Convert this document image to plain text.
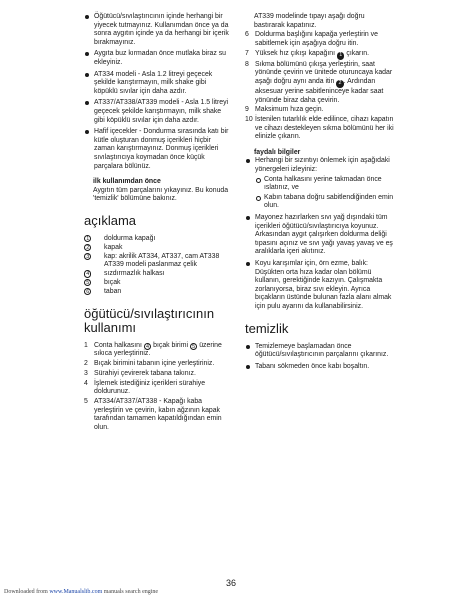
Öğütücü/sıvılaştırıcının içinde herhangi bir yiyecek tutmayınız. Kullanımdan önce ya da sonra aygıtın içinde ya da herhangi bir içerik bırakmayınız.
Aygıta buz kırmadan önce mutlaka biraz su ekleyiniz.
AT334 modeli - Asla 1.2 litreyi geçecek şekilde karıştırmayın, milk shake gibi köpüklü sıvılar için daha azdır.
AT337/AT338/AT339 modeli - Asla 1.5 litreyi geçecek şekilde karıştırmayın, milk shake gibi köpüklü sıvılar için daha azdır.
Hafif içecekler - Dondurma sırasında katı bir kütle oluşturan donmuş içerikleri hiçbir zaman karıştırmayınız. Donmuş içerikleri sıvılaştırıcıya koymadan önce küçük parçalara bölünüz.
ilk kullanımdan önce
Aygıtın tüm parçalarını yıkayınız. Bu konuda 'temizlik' bölümüne bakınız.
açıklama
1	doldurma kapağı
2	kapak
3	kap: akrilik AT334, AT337, cam AT338 AT339 modeli paslanmaz çelik
4	sızdırmazlık halkası
5	bıçak
6	taban
öğütücü/sıvılaştırıcının kullanımı
1 Conta halkasını 4 bıçak birimi 5 üzerine sıkıca yerleştiriniz.
2 Bıçak birimini tabanın içine yerleştiriniz.
3 Sürahiyi çevirerek tabana takınız.
4 İşlemek istediğiniz içerikleri sürahiye doldurunuz.
5 AT334/AT337/AT338 - Kapağı kaba yerleştirin ve çevirin, kabın ağzının kapak tarafından tamamen kapatıldığından emin olun.
AT339 modelinde tıpayı aşağı doğru bastırarak kapatınız.
6 Doldurma başlığını kapağa yerleştirin ve sabitlemek için aşağıya doğru itin.
7 Yüksek hız çıkışı kapağını 1 çıkarın.
8 Sıkma bölümünü çıkışa yerleştirin, saat yönünde çevirin ve ünitede oturuncaya kadar aşağı doğru aynı anda itin 2 . Ardından aksesuar yerine sabitleninceye kadar saat yönünde biraz daha çevirin.
9 Maksimum hıza geçin.
10 İstenilen tutarlılık elde edilince, cihazı kapatın ve cihazı destekleyen sıkma bölümünü her iki elinizle çıkarın.
faydalı bilgiler
Herhangi bir sızıntıyı önlemek için aşağıdaki yönergeleri izleyiniz:
Conta halkasını yerine takmadan önce ıslatınız, ve
Kabın tabana doğru sabitlendiğinden emin olun.
Mayonez hazırlarken sıvı yağ dışındaki tüm içerikleri öğütücü/sıvılaştırıcıya koyunuz. Arkasından aygıt çalışırken doldurma deliği tıpasını açınız ve sıvı yağı yavaş yavaş ve eş aralıklarla içeri akıtınız.
Koyu karışımlar için, örn ezme, balık: Düşükten orta hıza kadar olan bölümü kullanın, gerektiğinde kazıyın. Çalışmakta zorlanıyorsa, biraz sıvı ekleyin. Ayrıca bıçakların üstünde bulunan fazla alanı almak için pulu ayarını da kullanabilirsiniz.
temizlik
Temizlemeye başlamadan önce öğütücü/sıvılaştırıcının parçalarını çıkarınız.
Tabanı sökmeden önce kabı boşaltın.
36
Downloaded from www.Manualslib.com manuals search engine
